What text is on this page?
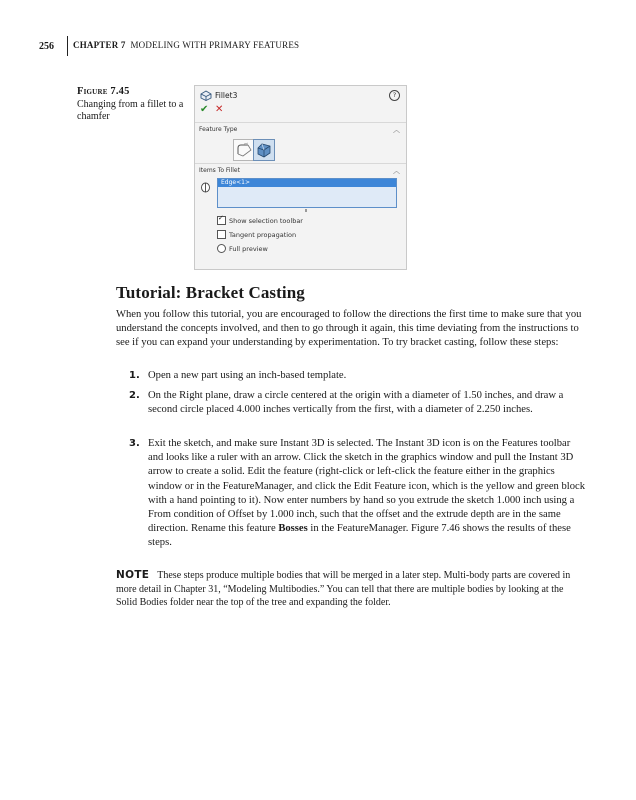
256	CHAPTER 7 MODELING WITH PRIMARY FEATURES
Figure 7.45
Changing from a fillet to a chamfer
Fillet3	?
✔ ✕
Feature Type	︿
Items To Fillet	︿
Edge<1>
✓
Show selection toolbar
Tangent propagation
Full preview
Tutorial: Bracket Casting
When you follow this tutorial, you are encouraged to follow the directions the first time to make sure that you understand the concepts involved, and then to go through it again, this time deviating from the instructions to see if you can expand your understanding by experimentation. To try bracket casting, follow these steps:
1. Open a new part using an inch-based template.
2. On the Right plane, draw a circle centered at the origin with a diameter of 1.50 inches, and draw a second circle placed 4.000 inches vertically from the first, with a diameter of 2.250 inches.
3. Exit the sketch, and make sure Instant 3D is selected. The Instant 3D icon is on the Features toolbar and looks like a ruler with an arrow. Click the sketch in the graphics window and pull the Instant 3D arrow to create a solid. Edit the feature (right-click or left-click the feature either in the graphics window or in the FeatureManager, and click the Edit Feature icon, which is the yellow and green block with a hand pointing to it). Now enter numbers by hand so you extrude the sketch 1.000 inch using a From condition of Offset by 1.000 inch, such that the offset and the extrude depth are in the same direction. Rename this feature Bosses in the FeatureManager. Figure 7.46 shows the results of these steps.
NOTE These steps produce multiple bodies that will be merged in a later step. Multi-body parts are covered in more detail in Chapter 31, “Modeling Multibodies.” You can tell that there are multiple bodies by looking at the Solid Bodies folder near the top of the tree and expanding the folder.
